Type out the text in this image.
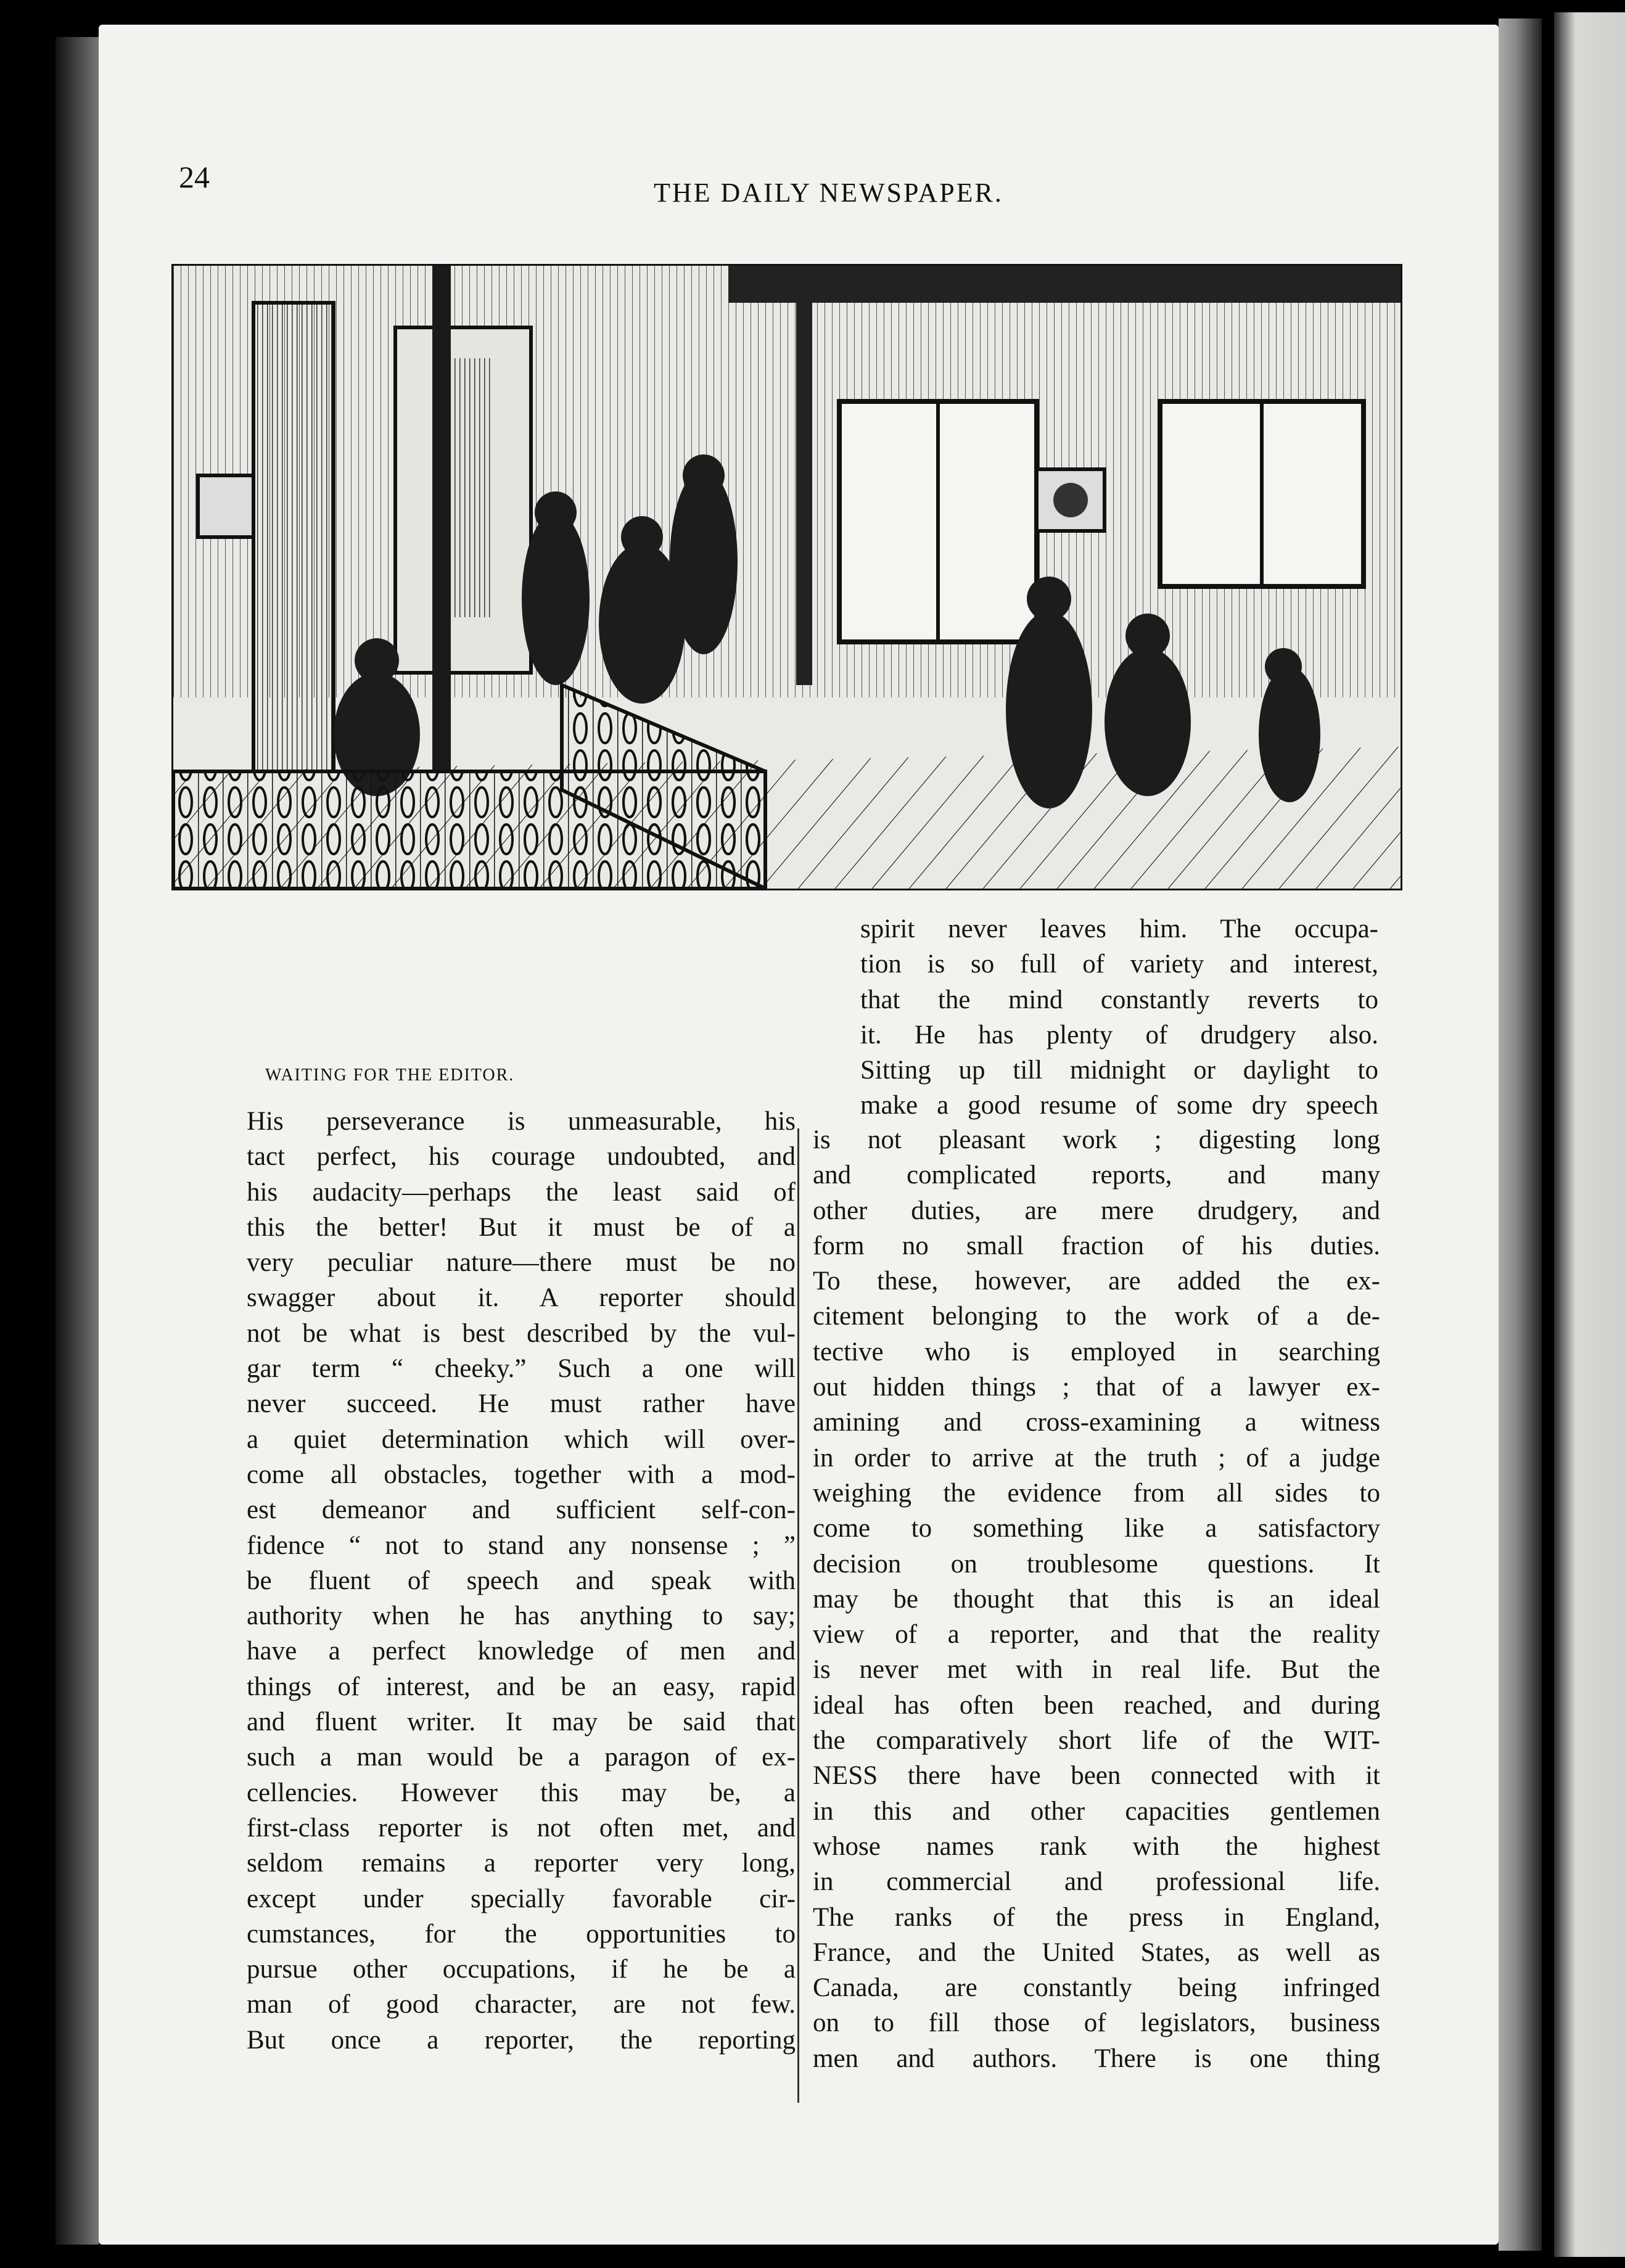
24	THE DAILY NEWSPAPER.
WAITING FOR THE EDITOR.
spirit never leaves him. The occupa-
tion is so full of variety and interest,
that the mind constantly reverts to
it. He has plenty of drudgery also.
Sitting up till midnight or daylight to
make a good resume of some dry speech
His perseverance is unmeasurable, his
tact perfect, his courage undoubted, and
his audacity—perhaps the least said of
this the better! But it must be of a
very peculiar nature—there must be no
swagger about it. A reporter should
not be what is best described by the vul-
gar term “ cheeky.” Such a one will
never succeed. He must rather have
a quiet determination which will over-
come all obstacles, together with a mod-
est demeanor and sufficient self-con-
fidence “ not to stand any nonsense ; ”
be fluent of speech and speak with
authority when he has anything to say;
have a perfect knowledge of men and
things of interest, and be an easy, rapid
and fluent writer. It may be said that
such a man would be a paragon of ex-
cellencies. However this may be, a
first-class reporter is not often met, and
seldom remains a reporter very long,
except under specially favorable cir-
cumstances, for the opportunities to
pursue other occupations, if he be a
man of good character, are not few.
But once a reporter, the reporting
is not pleasant work ; digesting long
and complicated reports, and many
other duties, are mere drudgery, and
form no small fraction of his duties.
To these, however, are added the ex-
citement belonging to the work of a de-
tective who is employed in searching
out hidden things ; that of a lawyer ex-
amining and cross-examining a witness
in order to arrive at the truth ; of a judge
weighing the evidence from all sides to
come to something like a satisfactory
decision on troublesome questions. It
may be thought that this is an ideal
view of a reporter, and that the reality
is never met with in real life. But the
ideal has often been reached, and during
the comparatively short life of the WIT-
NESS there have been connected with it
in this and other capacities gentlemen
whose names rank with the highest
in commercial and professional life.
The ranks of the press in England,
France, and the United States, as well as
Canada, are constantly being infringed
on to fill those of legislators, business
men and authors. There is one thing
